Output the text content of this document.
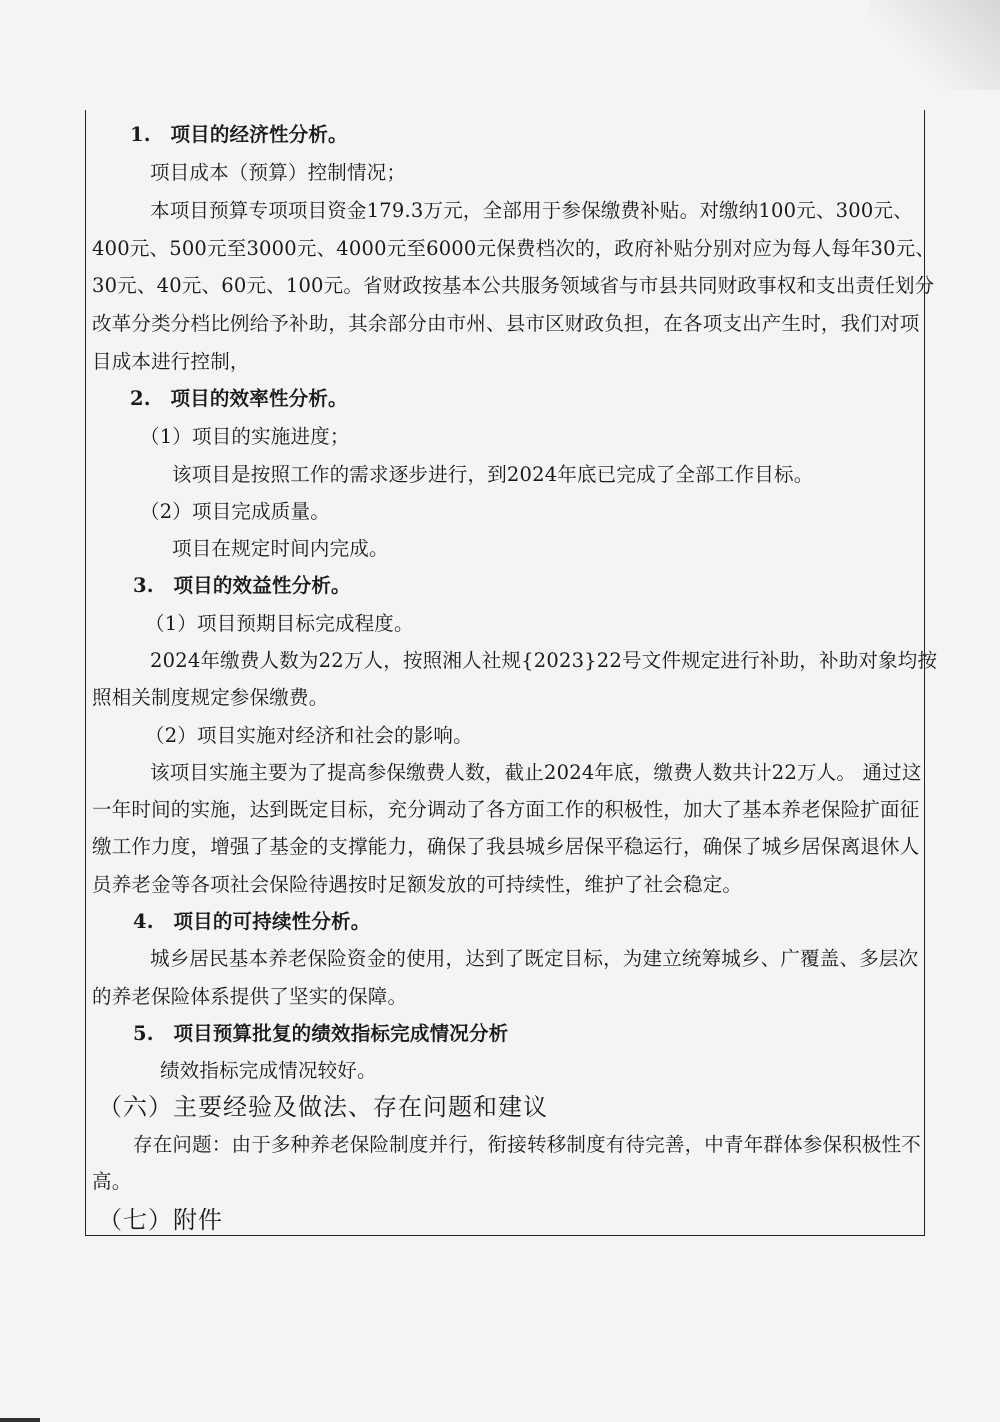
1.　项目的经济性分析。
项目成本（预算）控制情况；
本项目预算专项项目资金179.3万元，全部用于参保缴费补贴。对缴纳100元、300元、
400元、500元至3000元、4000元至6000元保费档次的，政府补贴分别对应为每人每年30元、
30元、40元、60元、100元。省财政按基本公共服务领域省与市县共同财政事权和支出责任划分
改革分类分档比例给予补助，其余部分由市州、县市区财政负担，在各项支出产生时，我们对项
目成本进行控制，
2.　项目的效率性分析。
（1）项目的实施进度；
该项目是按照工作的需求逐步进行，到2024年底已完成了全部工作目标。
（2）项目完成质量。
项目在规定时间内完成。
3.　项目的效益性分析。
（1）项目预期目标完成程度。
2024年缴费人数为22万人，按照湘人社规{2023}22号文件规定进行补助，补助对象均按
照相关制度规定参保缴费。
（2）项目实施对经济和社会的影响。
该项目实施主要为了提高参保缴费人数，截止2024年底，缴费人数共计22万人。 通过这
一年时间的实施，达到既定目标，充分调动了各方面工作的积极性，加大了基本养老保险扩面征
缴工作力度，增强了基金的支撑能力，确保了我县城乡居保平稳运行，确保了城乡居保离退休人
员养老金等各项社会保险待遇按时足额发放的可持续性，维护了社会稳定。
4.　项目的可持续性分析。
城乡居民基本养老保险资金的使用，达到了既定目标，为建立统筹城乡、广覆盖、多层次
的养老保险体系提供了坚实的保障。
5.　项目预算批复的绩效指标完成情况分析
绩效指标完成情况较好。
（六）主要经验及做法、存在问题和建议
存在问题：由于多种养老保险制度并行，衔接转移制度有待完善，中青年群体参保积极性不
高。
（七）附件
